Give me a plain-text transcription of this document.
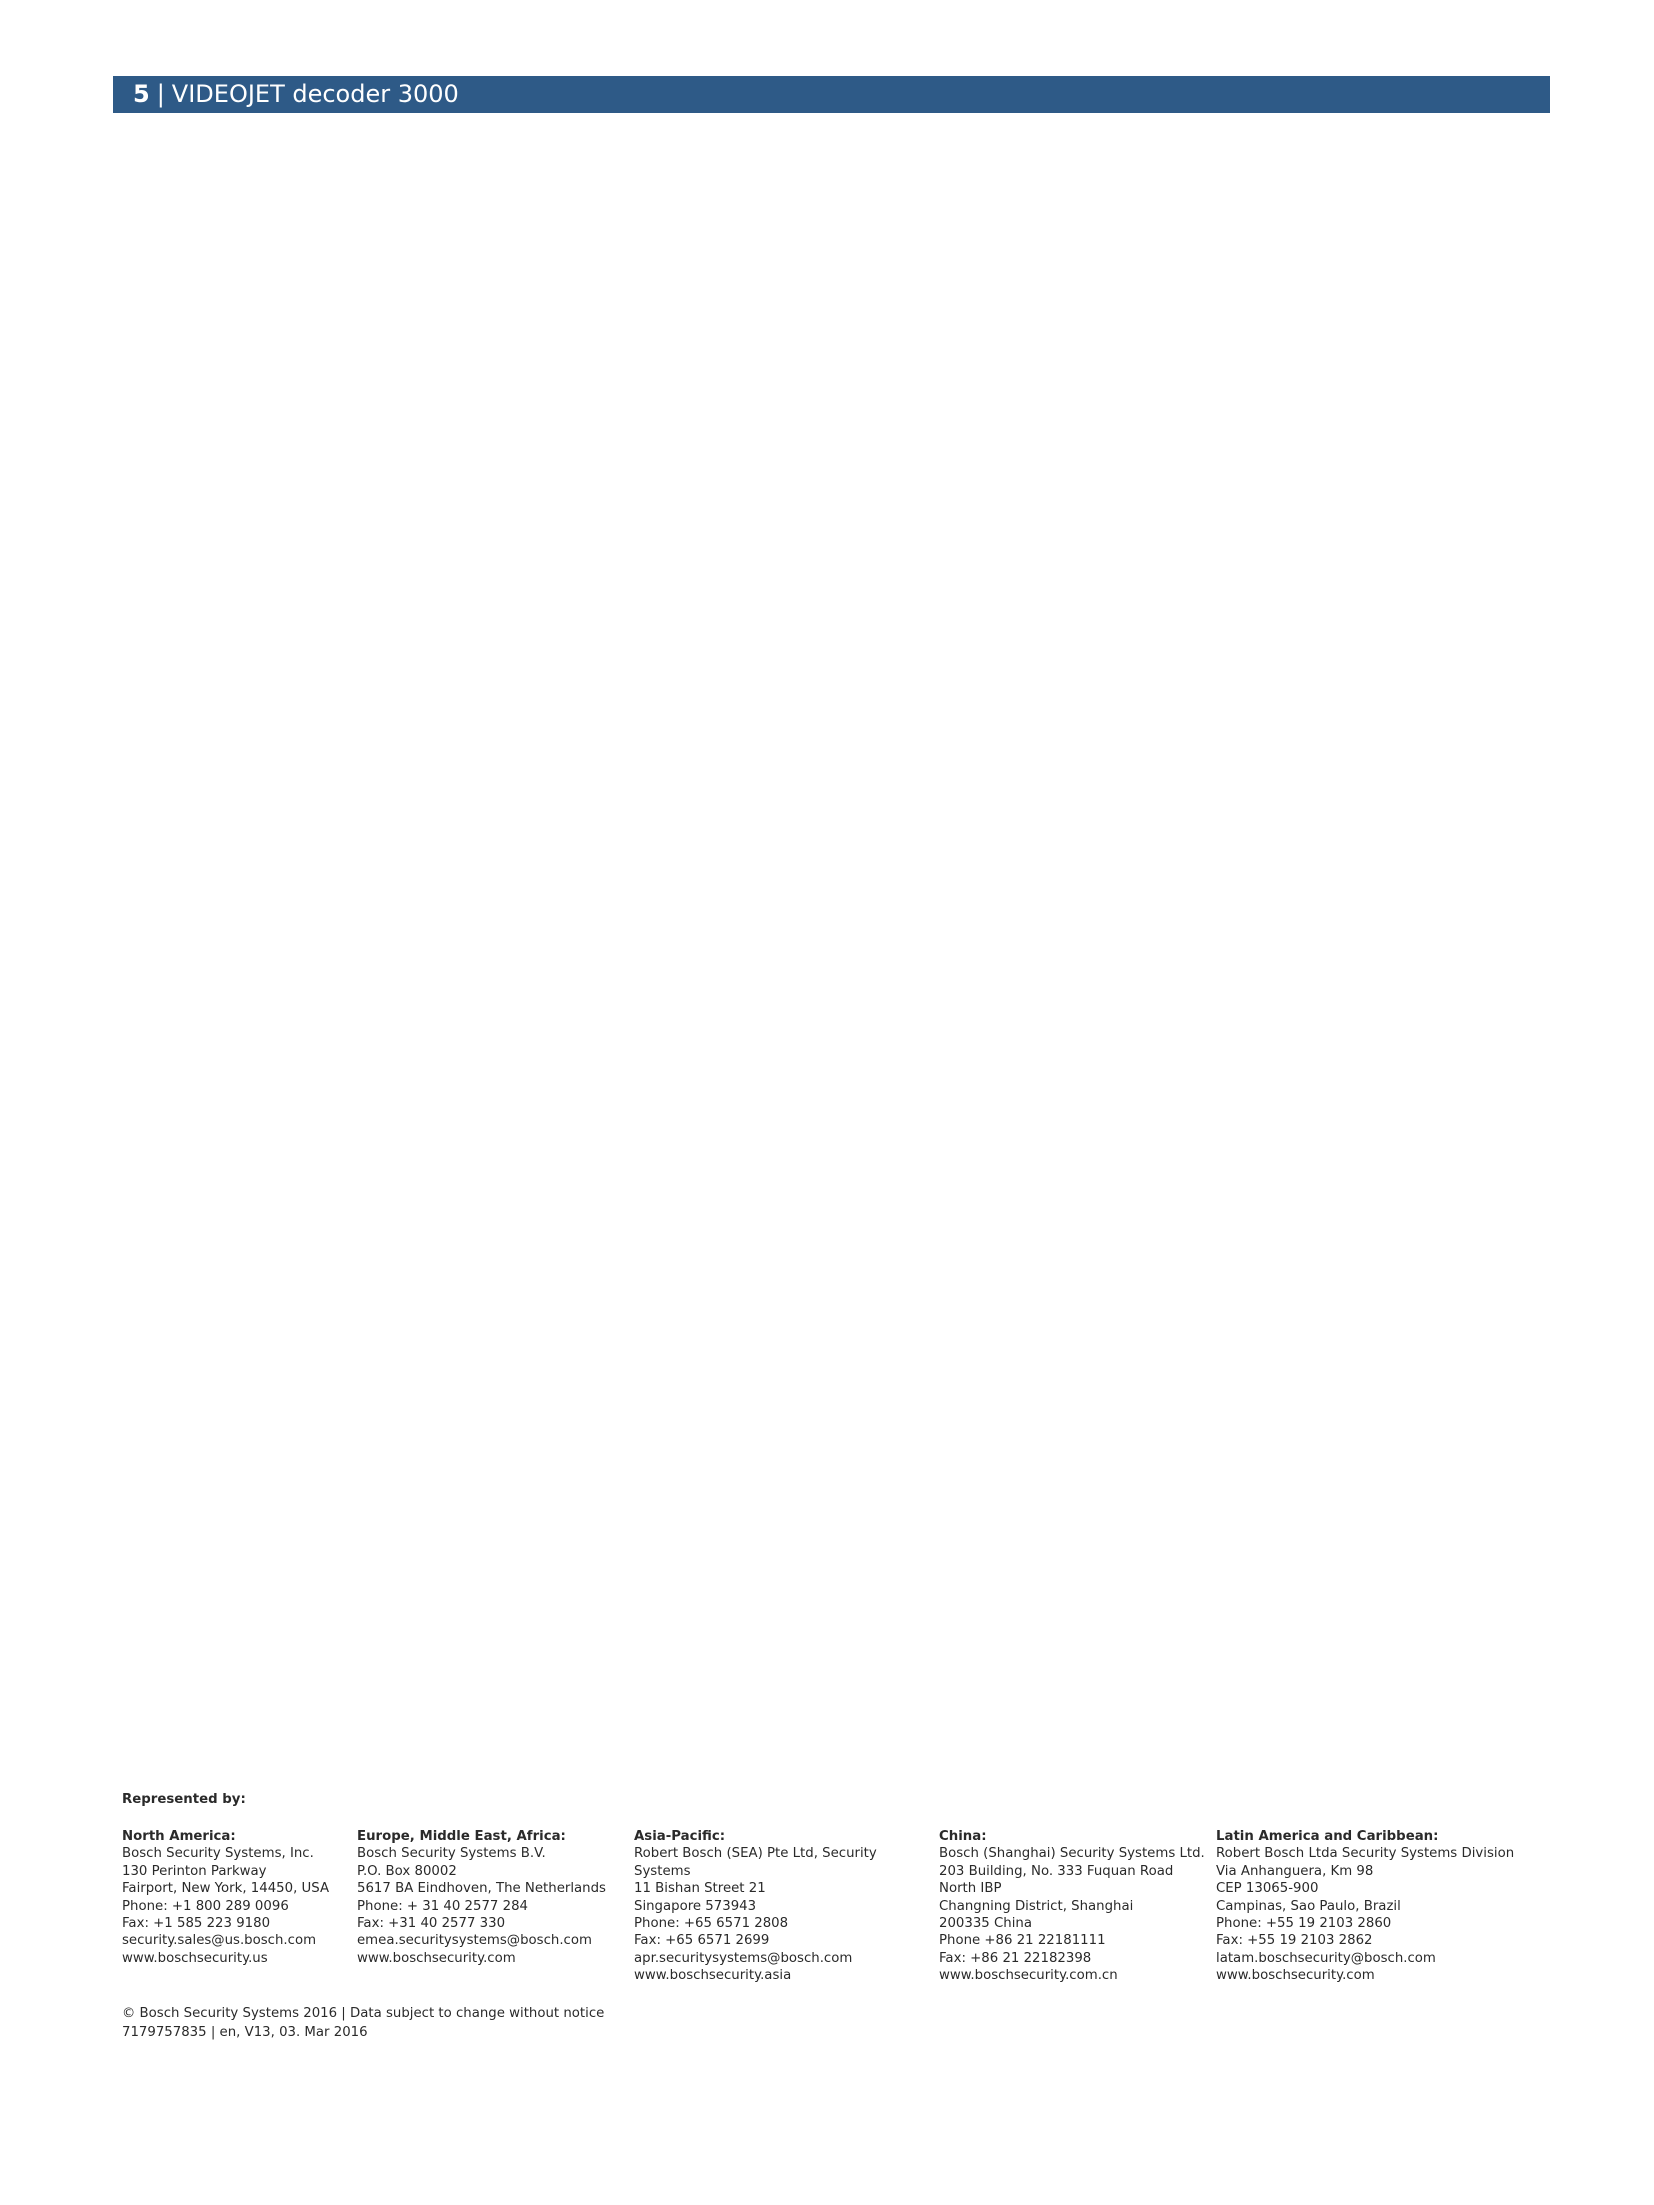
5 | VIDEOJET decoder 3000
Represented by:
North America:
Bosch Security Systems, Inc.
130 Perinton Parkway
Fairport, New York, 14450, USA
Phone: +1 800 289 0096
Fax: +1 585 223 9180
security.sales@us.bosch.com
www.boschsecurity.us
Europe, Middle East, Africa:
Bosch Security Systems B.V.
P.O. Box 80002
5617 BA Eindhoven, The Netherlands
Phone: + 31 40 2577 284
Fax: +31 40 2577 330
emea.securitysystems@bosch.com
www.boschsecurity.com
Asia-Pacific:
Robert Bosch (SEA) Pte Ltd, Security
Systems
11 Bishan Street 21
Singapore 573943
Phone: +65 6571 2808
Fax: +65 6571 2699
apr.securitysystems@bosch.com
www.boschsecurity.asia
China:
Bosch (Shanghai) Security Systems Ltd.
203 Building, No. 333 Fuquan Road
North IBP
Changning District, Shanghai
200335 China
Phone +86 21 22181111
Fax: +86 21 22182398
www.boschsecurity.com.cn
Latin America and Caribbean:
Robert Bosch Ltda Security Systems Division
Via Anhanguera, Km 98
CEP 13065-900
Campinas, Sao Paulo, Brazil
Phone: +55 19 2103 2860
Fax: +55 19 2103 2862
latam.boschsecurity@bosch.com
www.boschsecurity.com
© Bosch Security Systems 2016 | Data subject to change without notice
7179757835 | en, V13, 03. Mar 2016
